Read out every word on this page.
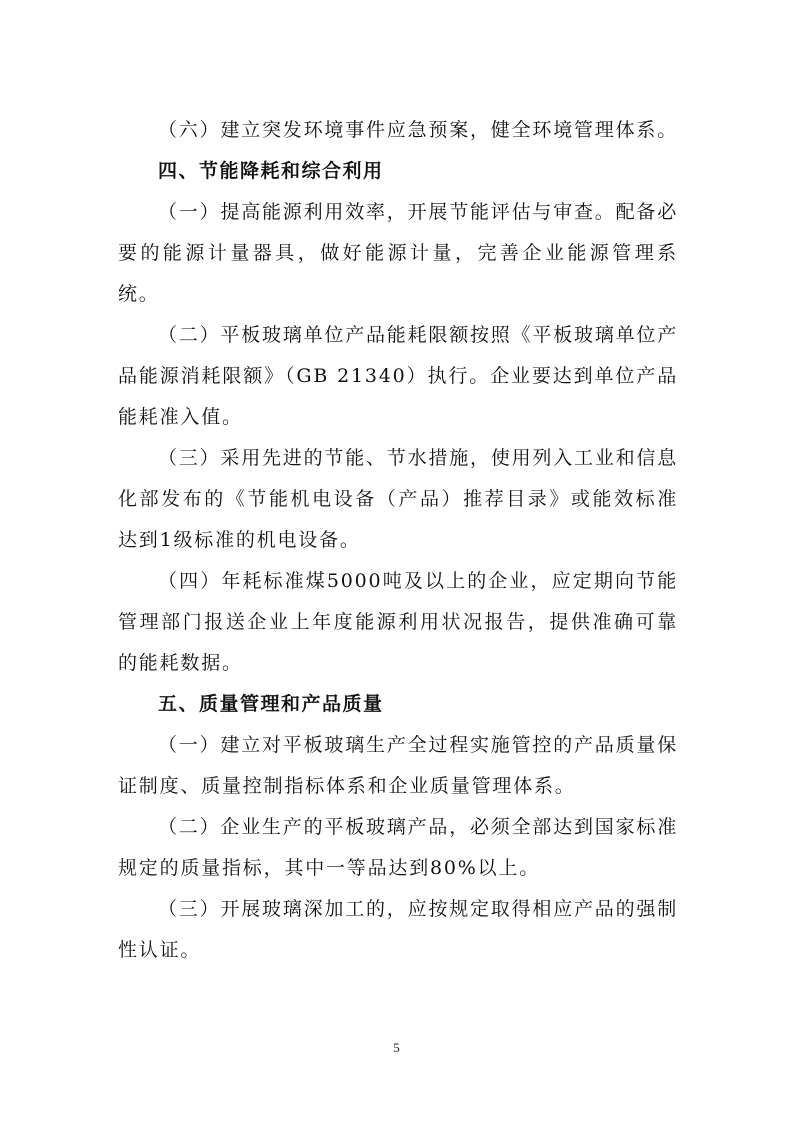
（六）建立突发环境事件应急预案，健全环境管理体系。

四、节能降耗和综合利用

（一）提高能源利用效率，开展节能评估与审查。配备必要的能源计量器具，做好能源计量，完善企业能源管理系统。

（二）平板玻璃单位产品能耗限额按照《平板玻璃单位产品能源消耗限额》（GB 21340）执行。企业要达到单位产品能耗准入值。

（三）采用先进的节能、节水措施，使用列入工业和信息化部发布的《节能机电设备（产品）推荐目录》或能效标准达到1级标准的机电设备。

（四）年耗标准煤5000吨及以上的企业，应定期向节能管理部门报送企业上年度能源利用状况报告，提供准确可靠的能耗数据。

五、质量管理和产品质量

（一）建立对平板玻璃生产全过程实施管控的产品质量保证制度、质量控制指标体系和企业质量管理体系。

（二）企业生产的平板玻璃产品，必须全部达到国家标准规定的质量指标，其中一等品达到80%以上。

（三）开展玻璃深加工的，应按规定取得相应产品的强制性认证。

5
